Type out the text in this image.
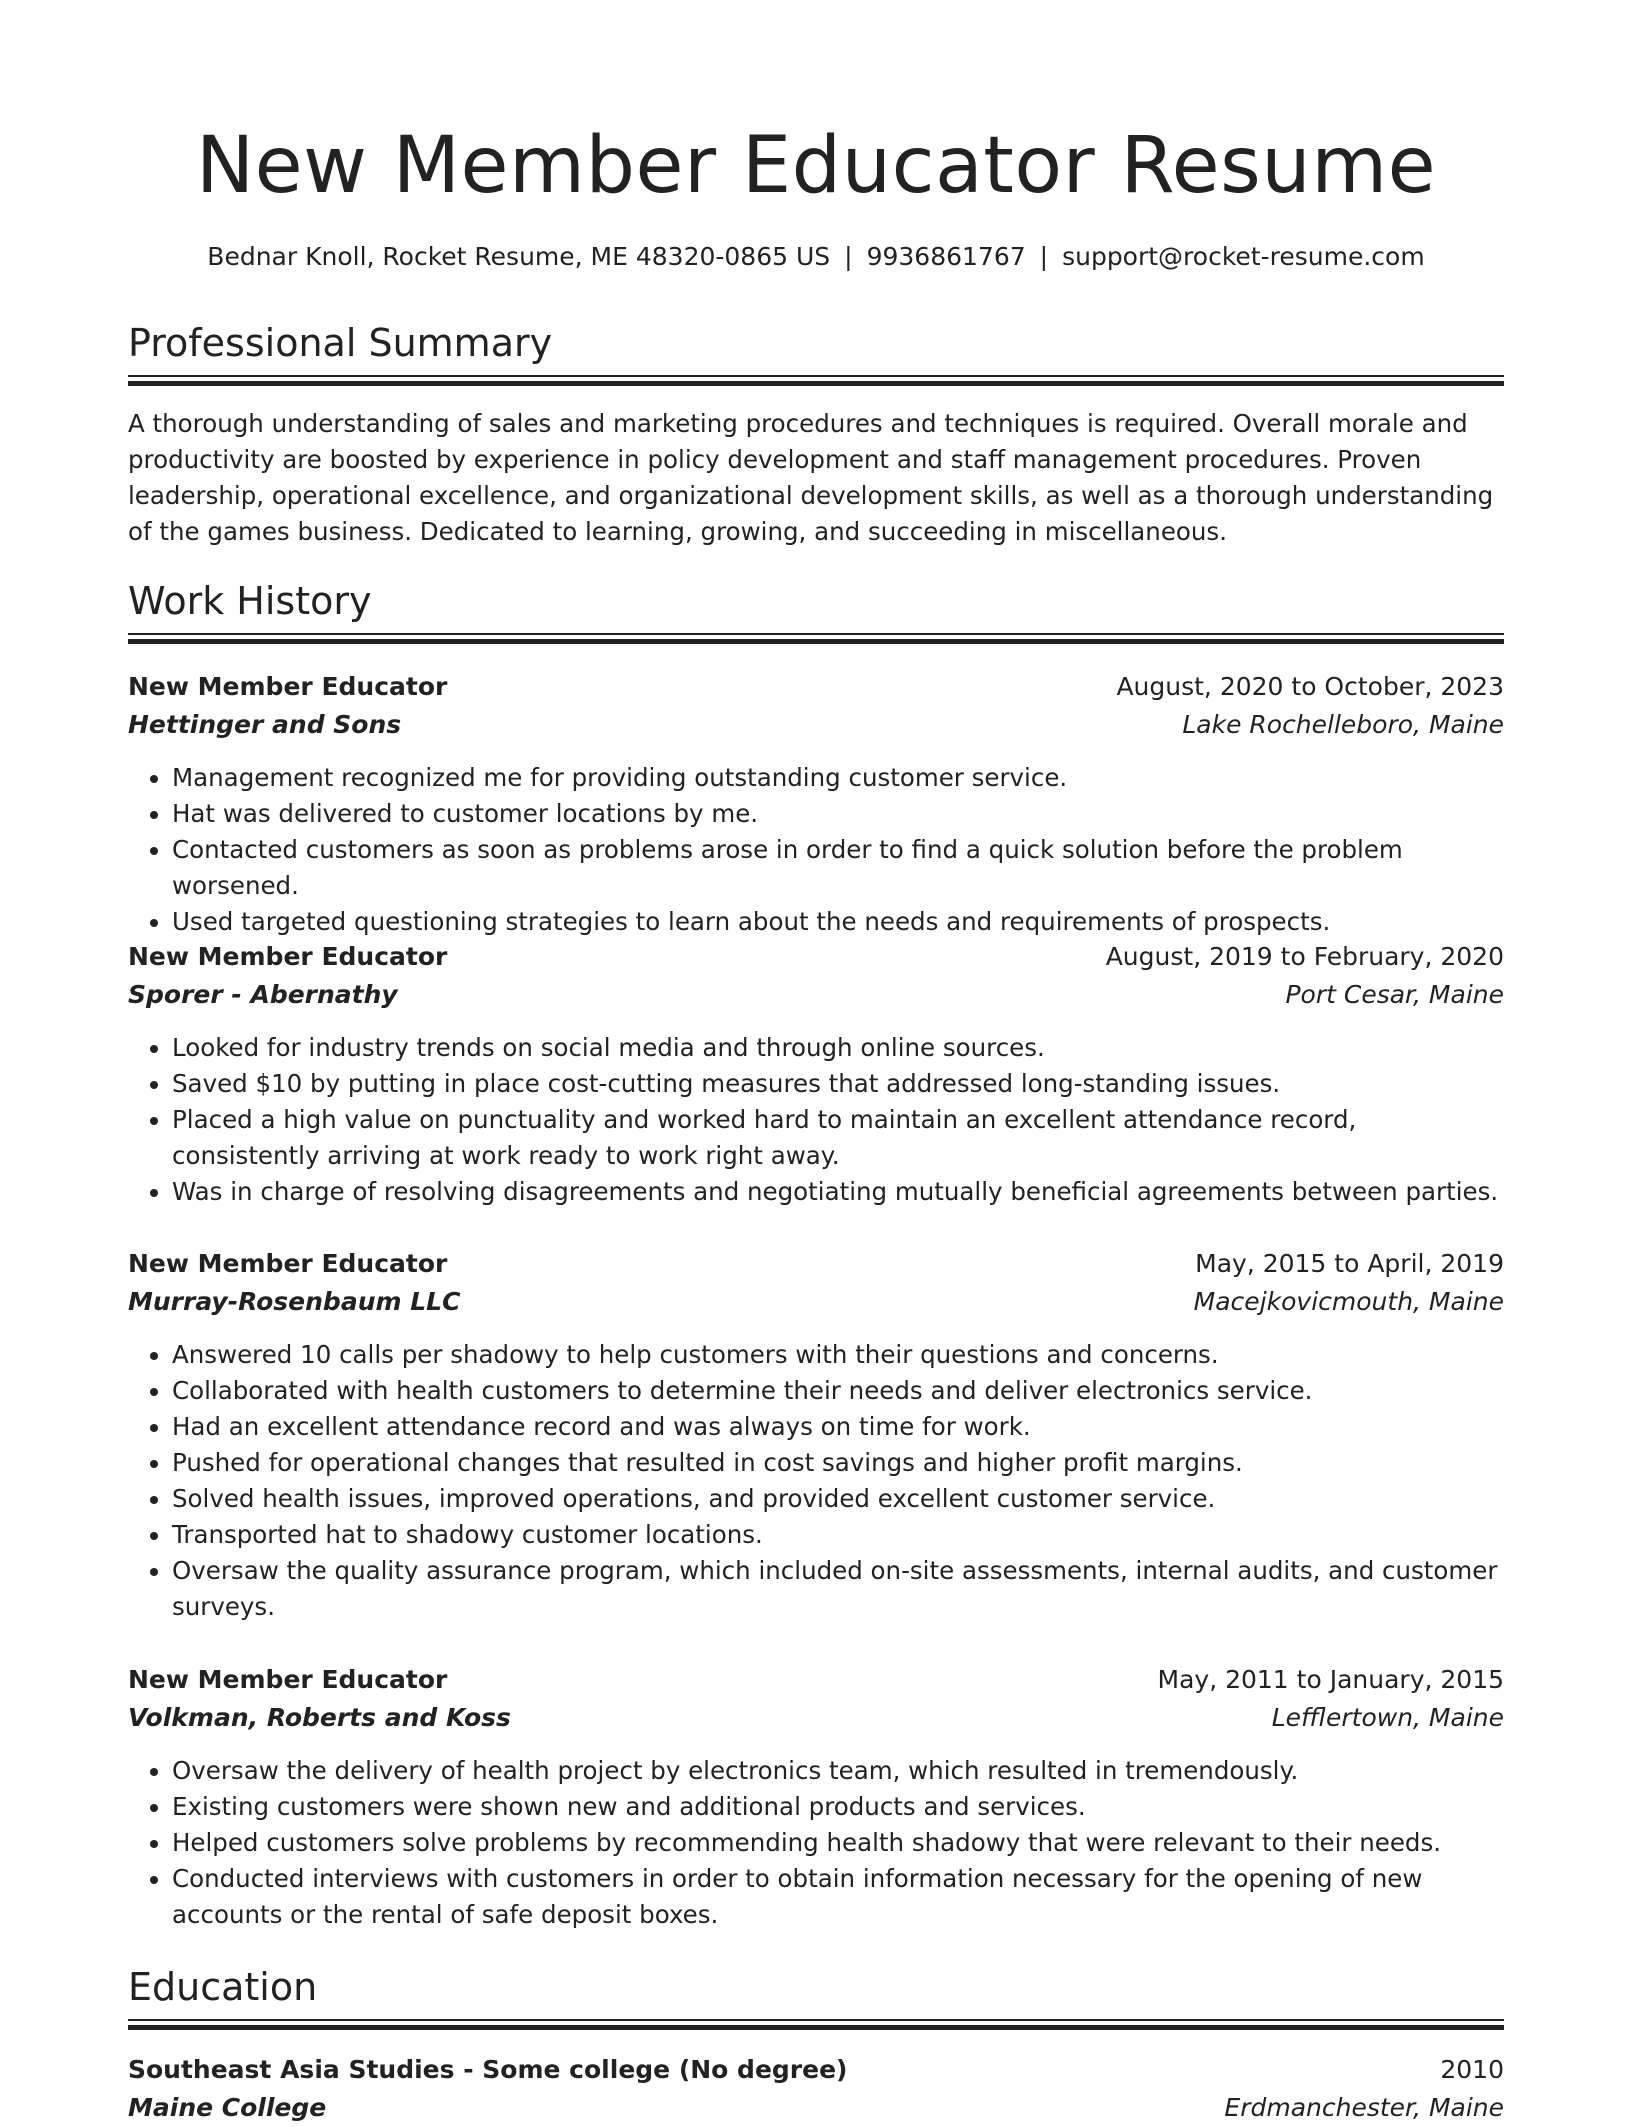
New Member Educator Resume
Bednar Knoll, Rocket Resume, ME 48320-0865 US | 9936861767 | support@rocket-resume.com
Professional Summary
A thorough understanding of sales and marketing procedures and techniques is required. Overall morale and productivity are boosted by experience in policy development and staff management procedures. Proven leadership, operational excellence, and organizational development skills, as well as a thorough understanding of the games business. Dedicated to learning, growing, and succeeding in miscellaneous.
Work History
New Member Educator	August, 2020 to October, 2023
Hettinger and Sons	Lake Rochelleboro, Maine
• Management recognized me for providing outstanding customer service.
• Hat was delivered to customer locations by me.
• Contacted customers as soon as problems arose in order to find a quick solution before the problem worsened.
• Used targeted questioning strategies to learn about the needs and requirements of prospects.
New Member Educator	August, 2019 to February, 2020
Sporer - Abernathy	Port Cesar, Maine
• Looked for industry trends on social media and through online sources.
• Saved $10 by putting in place cost-cutting measures that addressed long-standing issues.
• Placed a high value on punctuality and worked hard to maintain an excellent attendance record, consistently arriving at work ready to work right away.
• Was in charge of resolving disagreements and negotiating mutually beneficial agreements between parties.
New Member Educator	May, 2015 to April, 2019
Murray-Rosenbaum LLC	Macejkovicmouth, Maine
• Answered 10 calls per shadowy to help customers with their questions and concerns.
• Collaborated with health customers to determine their needs and deliver electronics service.
• Had an excellent attendance record and was always on time for work.
• Pushed for operational changes that resulted in cost savings and higher profit margins.
• Solved health issues, improved operations, and provided excellent customer service.
• Transported hat to shadowy customer locations.
• Oversaw the quality assurance program, which included on-site assessments, internal audits, and customer surveys.
New Member Educator	May, 2011 to January, 2015
Volkman, Roberts and Koss	Lefflertown, Maine
• Oversaw the delivery of health project by electronics team, which resulted in tremendously.
• Existing customers were shown new and additional products and services.
• Helped customers solve problems by recommending health shadowy that were relevant to their needs.
• Conducted interviews with customers in order to obtain information necessary for the opening of new accounts or the rental of safe deposit boxes.
Education
Southeast Asia Studies - Some college (No degree)	2010
Maine College	Erdmanchester, Maine
